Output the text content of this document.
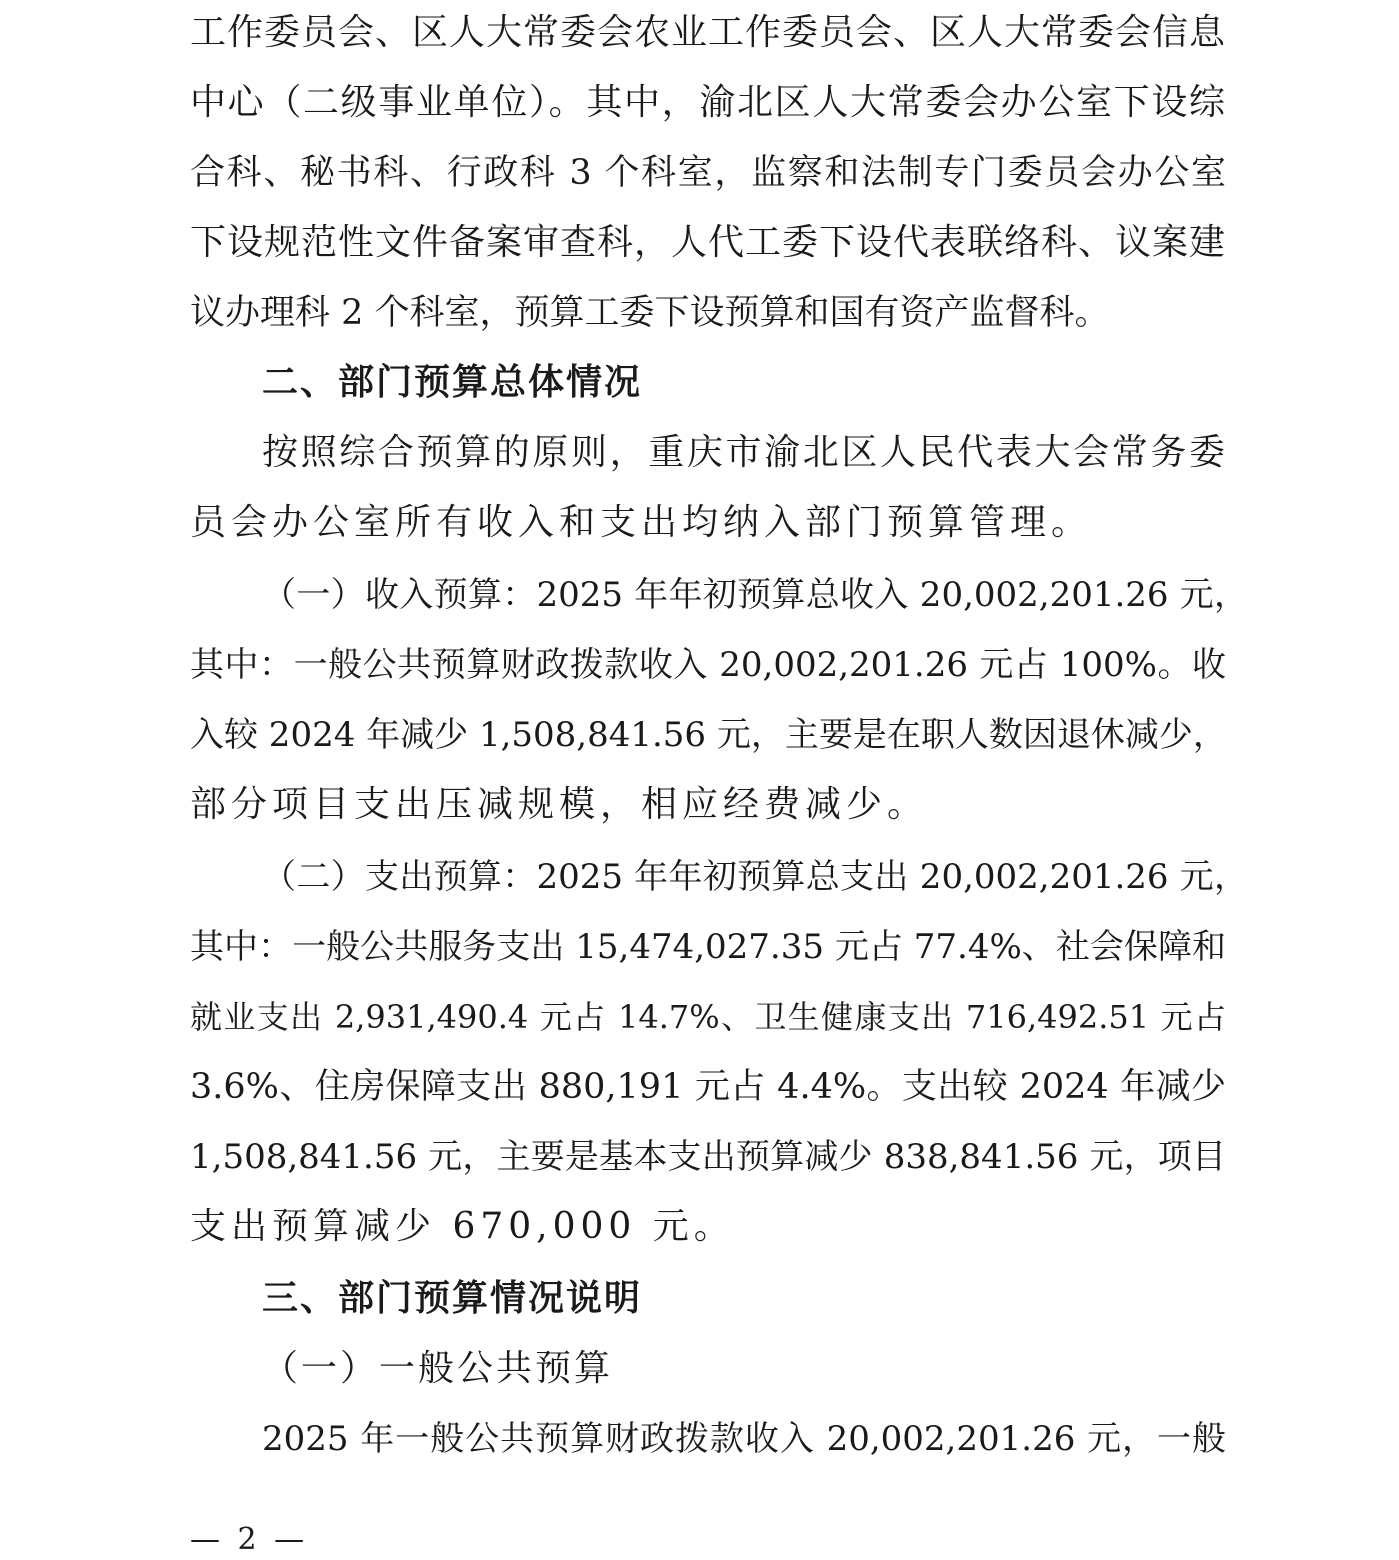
工作委员会、区人大常委会农业工作委员会、区人大常委会信息
中心（二级事业单位）。其中，渝北区人大常委会办公室下设综
合科、秘书科、行政科 3 个科室，监察和法制专门委员会办公室
下设规范性文件备案审查科，人代工委下设代表联络科、议案建
议办理科 2 个科室，预算工委下设预算和国有资产监督科。
二、部门预算总体情况
按照综合预算的原则，重庆市渝北区人民代表大会常务委
员会办公室所有收入和支出均纳入部门预算管理。
（一）收入预算：2025 年年初预算总收入 20,002,201.26 元，
其中：一般公共预算财政拨款收入 20,002,201.26 元占 100%。收
入较 2024 年减少 1,508,841.56 元，主要是在职人数因退休减少，
部分项目支出压减规模，相应经费减少。
（二）支出预算：2025 年年初预算总支出 20,002,201.26 元，
其中：一般公共服务支出 15,474,027.35 元占 77.4%、社会保障和
就业支出 2,931,490.4 元占 14.7%、卫生健康支出 716,492.51 元占
3.6%、住房保障支出 880,191 元占 4.4%。支出较 2024 年减少
1,508,841.56 元，主要是基本支出预算减少 838,841.56 元，项目
支出预算减少 670,000 元。
三、部门预算情况说明
（一）一般公共预算
2025 年一般公共预算财政拨款收入 20,002,201.26 元，一般
— 2 —
